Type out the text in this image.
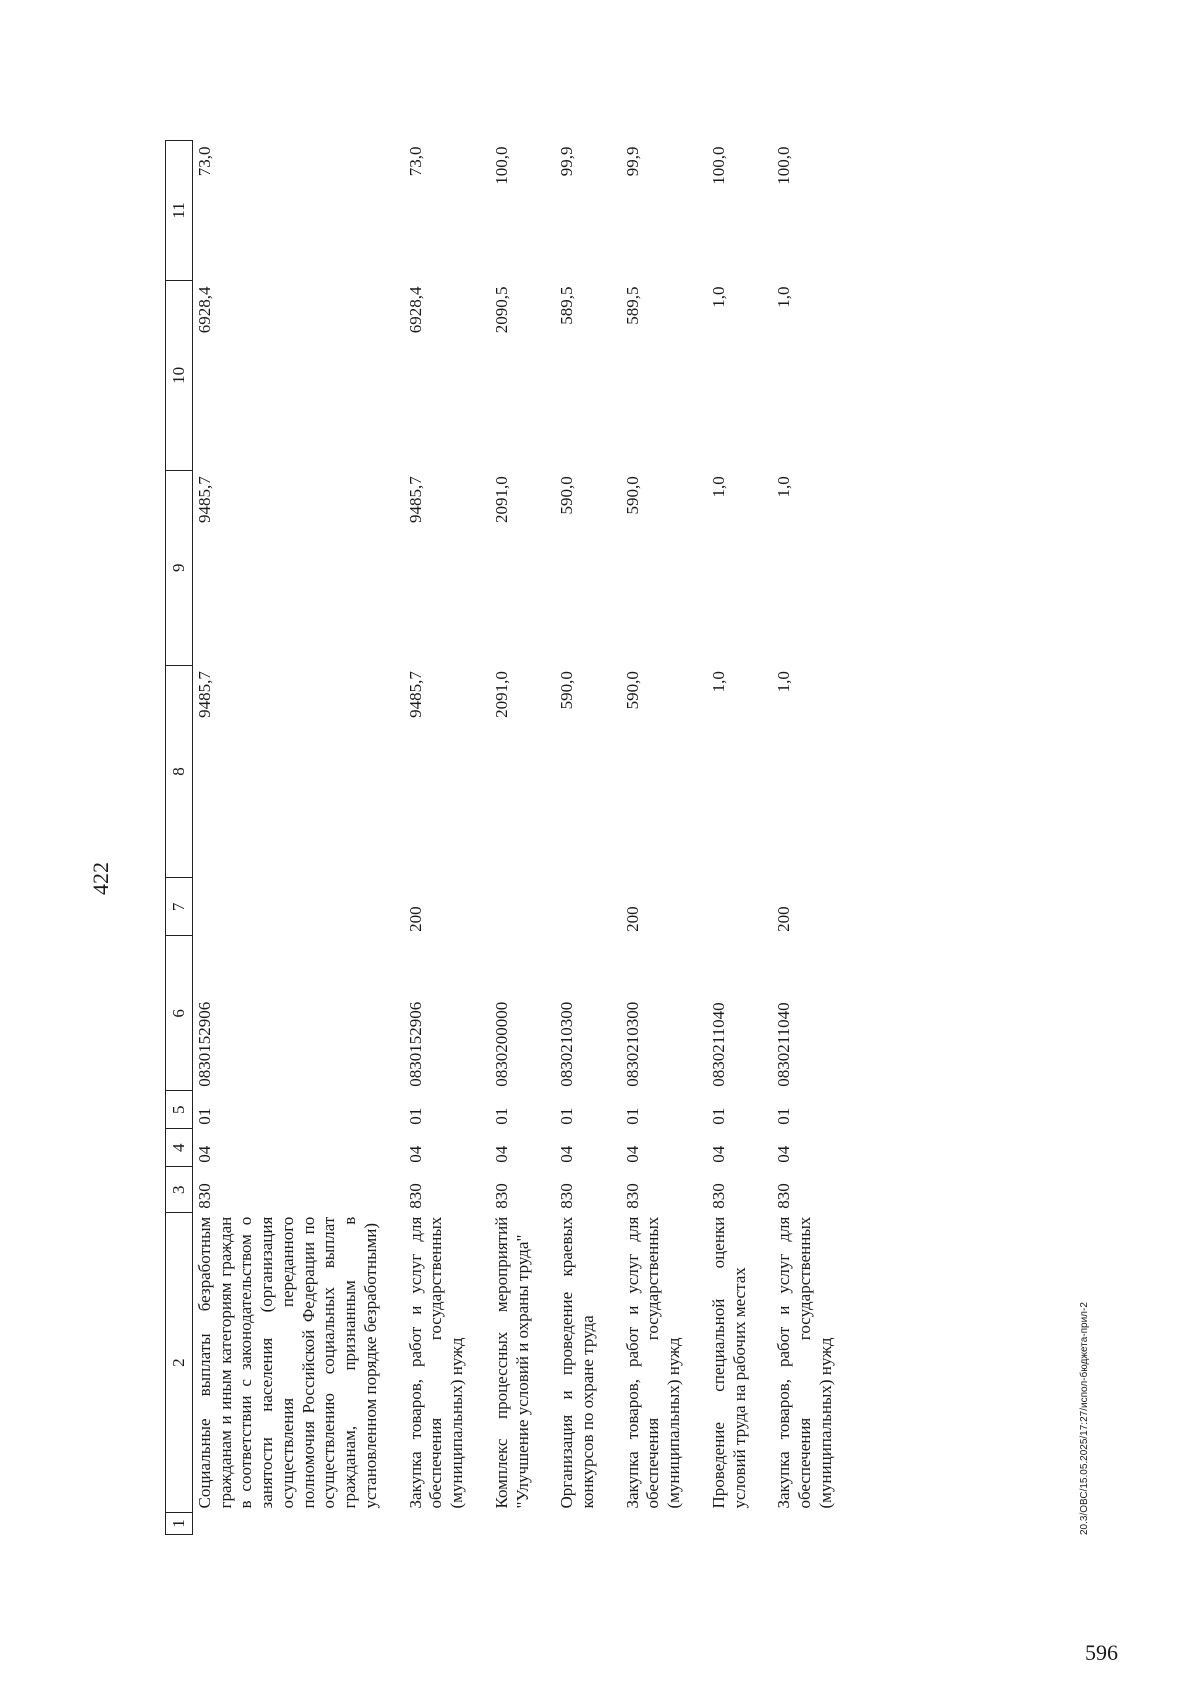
422
1	2	3	4	5	6	7	8	9	10	11
	Социальные выплаты безработным гражданам и иным категориям граждан в соответствии с законодательством о занятости населения (организация осуществления переданного полномочия Российской Федерации по осуществлению социальных выплат гражданам, признанным в установленном порядке безработными)	830	04	01	0830152906		9485,7	9485,7	6928,4	73,0
	Закупка товаров, работ и услуг для обеспечения государственных (муниципальных) нужд	830	04	01	0830152906	200	9485,7	9485,7	6928,4	73,0
	Комплекс процессных мероприятий "Улучшение условий и охраны труда"	830	04	01	0830200000		2091,0	2091,0	2090,5	100,0
	Организация и проведение краевых конкурсов по охране труда	830	04	01	0830210300		590,0	590,0	589,5	99,9
	Закупка товаров, работ и услуг для обеспечения государственных (муниципальных) нужд	830	04	01	0830210300	200	590,0	590,0	589,5	99,9
	Проведение специальной оценки условий труда на рабочих местах	830	04	01	0830211040		1,0	1,0	1,0	100,0
	Закупка товаров, работ и услуг для обеспечения государственных (муниципальных) нужд	830	04	01	0830211040	200	1,0	1,0	1,0	100,0
20.3/ОВС/15.05.2025/17:27/испол-бюджета-прил-2
596
